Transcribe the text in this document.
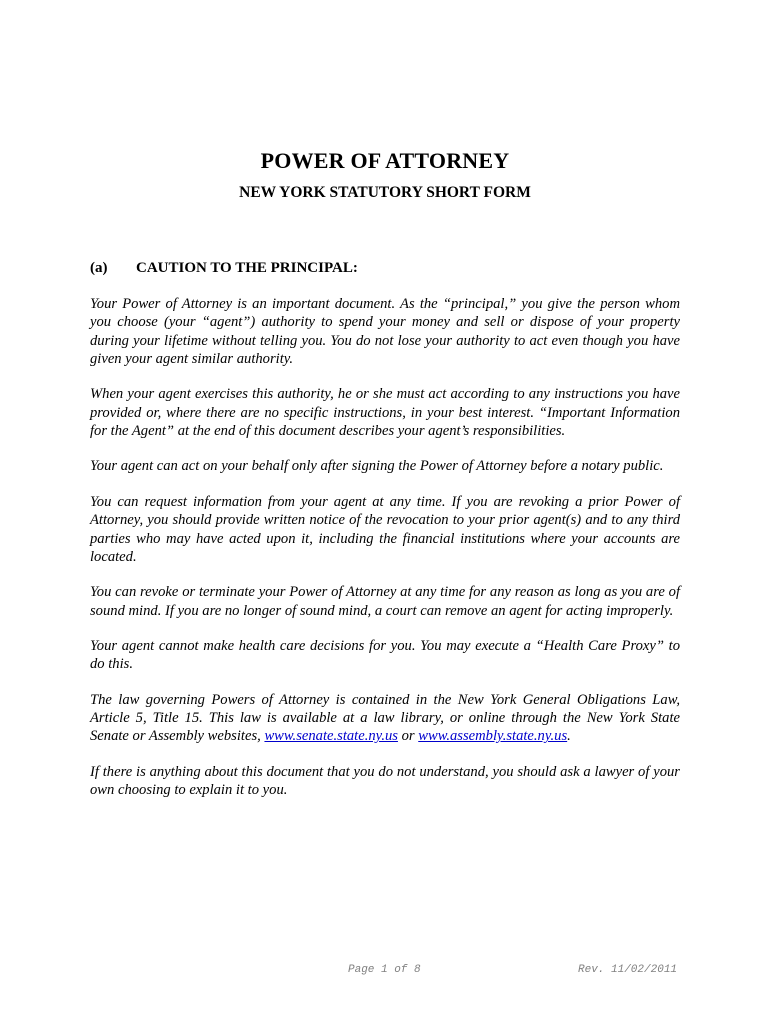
POWER OF ATTORNEY
NEW YORK STATUTORY SHORT FORM
(a)	CAUTION TO THE PRINCIPAL:

Your Power of Attorney is an important document. As the “principal,” you give the person whom you choose (your “agent”) authority to spend your money and sell or dispose of your property during your lifetime without telling you. You do not lose your authority to act even though you have given your agent similar authority.

When your agent exercises this authority, he or she must act according to any instructions you have provided or, where there are no specific instructions, in your best interest. “Important Information for the Agent” at the end of this document describes your agent’s responsibilities.

Your agent can act on your behalf only after signing the Power of Attorney before a notary public.

You can request information from your agent at any time. If you are revoking a prior Power of Attorney, you should provide written notice of the revocation to your prior agent(s) and to any third parties who may have acted upon it, including the financial institutions where your accounts are located.

You can revoke or terminate your Power of Attorney at any time for any reason as long as you are of sound mind. If you are no longer of sound mind, a court can remove an agent for acting improperly.

Your agent cannot make health care decisions for you. You may execute a “Health Care Proxy” to do this.

The law governing Powers of Attorney is contained in the New York General Obligations Law, Article 5, Title 15. This law is available at a law library, or online through the New York State Senate or Assembly websites, www.senate.state.ny.us or www.assembly.state.ny.us.

If there is anything about this document that you do not understand, you should ask a lawyer of your own choosing to explain it to you.

Page 1 of 8	Rev. 11/02/2011
